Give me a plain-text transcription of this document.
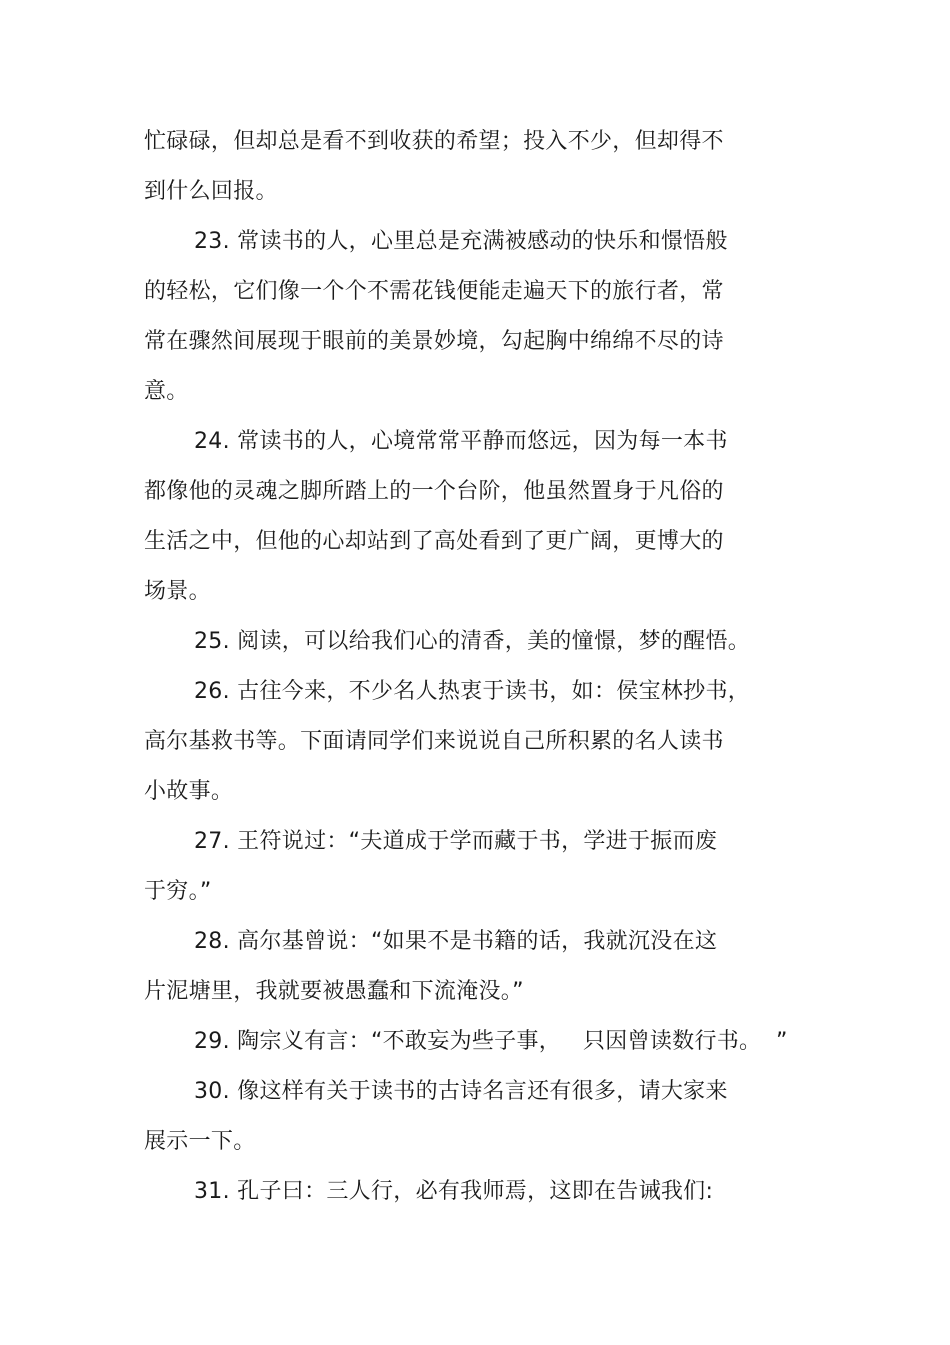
忙碌碌，但却总是看不到收获的希望；投入不少，但却得不
到什么回报。
23. 常读书的人，心里总是充满被感动的快乐和憬悟般
的轻松，它们像一个个不需花钱便能走遍天下的旅行者，常
常在骤然间展现于眼前的美景妙境，勾起胸中绵绵不尽的诗
意。
24. 常读书的人，心境常常平静而悠远，因为每一本书
都像他的灵魂之脚所踏上的一个台阶，他虽然置身于凡俗的
生活之中，但他的心却站到了高处看到了更广阔，更博大的
场景。
25. 阅读，可以给我们心的清香，美的憧憬，梦的醒悟。
26. 古往今来，不少名人热衷于读书，如：侯宝林抄书，
高尔基救书等。下面请同学们来说说自己所积累的名人读书
小故事。
27. 王符说过：“夫道成于学而藏于书，学进于振而废
于穷。”
28. 高尔基曾说：“如果不是书籍的话，我就沉没在这
片泥塘里，我就要被愚蠢和下流淹没。”
29. 陶宗义有言：“不敢妄为些子事，   只因曾读数行书。  ”
30. 像这样有关于读书的古诗名言还有很多，请大家来
展示一下。
31. 孔子曰：三人行，必有我师焉，这即在告诫我们:
